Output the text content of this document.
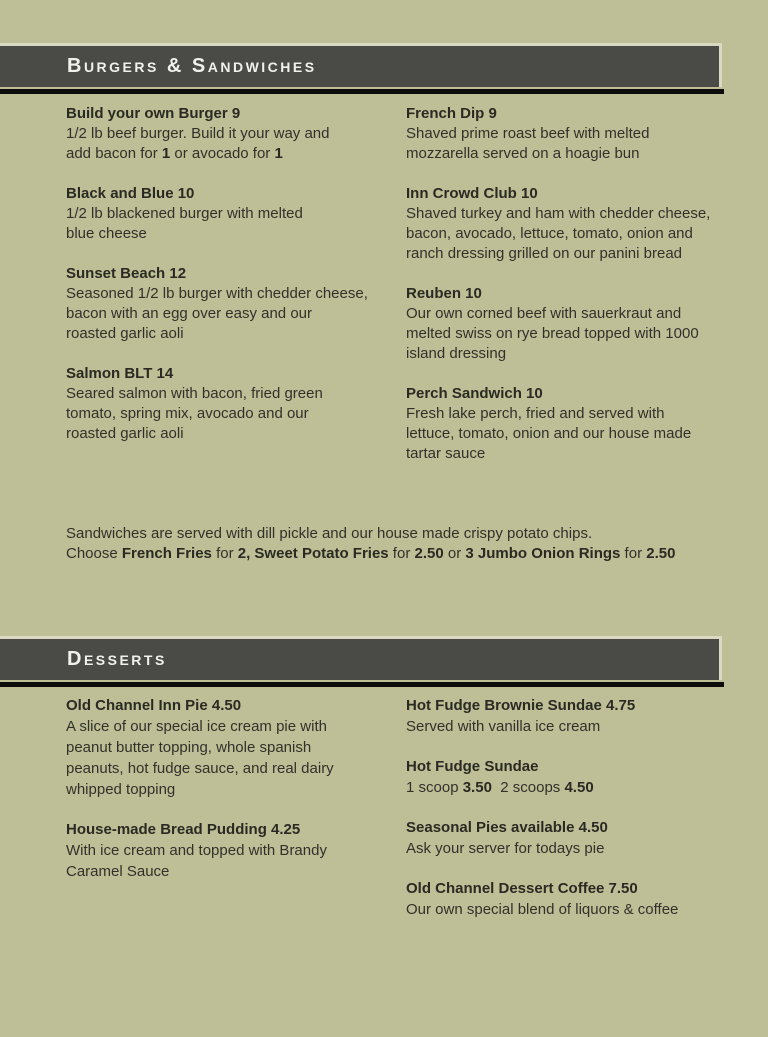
Burgers & Sandwiches
Build your own Burger 9
1/2 lb beef burger. Build it your way and
add bacon for 1 or avocado for 1
Black and Blue 10
1/2 lb blackened burger with melted
blue cheese
Sunset Beach 12
Seasoned 1/2 lb burger with chedder cheese,
bacon with an egg over easy and our
roasted garlic aoli
Salmon BLT 14
Seared salmon with bacon, fried green
tomato, spring mix, avocado and our
roasted garlic aoli
French Dip 9
Shaved prime roast beef with melted
mozzarella served on a hoagie bun
Inn Crowd Club 10
Shaved turkey and ham with chedder cheese,
bacon, avocado, lettuce, tomato, onion and
ranch dressing grilled on our panini bread
Reuben 10
Our own corned beef with sauerkraut and
melted swiss on rye bread topped with 1000
island dressing
Perch Sandwich 10
Fresh lake perch, fried and served with
lettuce, tomato, onion and our house made
tartar sauce
Sandwiches are served with dill pickle and our house made crispy potato chips.
Choose French Fries for 2, Sweet Potato Fries for 2.50 or 3 Jumbo Onion Rings for 2.50
Desserts
Old Channel Inn Pie 4.50
A slice of our special ice cream pie with
peanut butter topping, whole spanish
peanuts, hot fudge sauce, and real dairy
whipped topping
House-made Bread Pudding 4.25
With ice cream and topped with Brandy
Caramel Sauce
Hot Fudge Brownie Sundae 4.75
Served with vanilla ice cream
Hot Fudge Sundae
1 scoop 3.50  2 scoops 4.50
Seasonal Pies available 4.50
Ask your server for todays pie
Old Channel Dessert Coffee 7.50
Our own special blend of liquors & coffee
